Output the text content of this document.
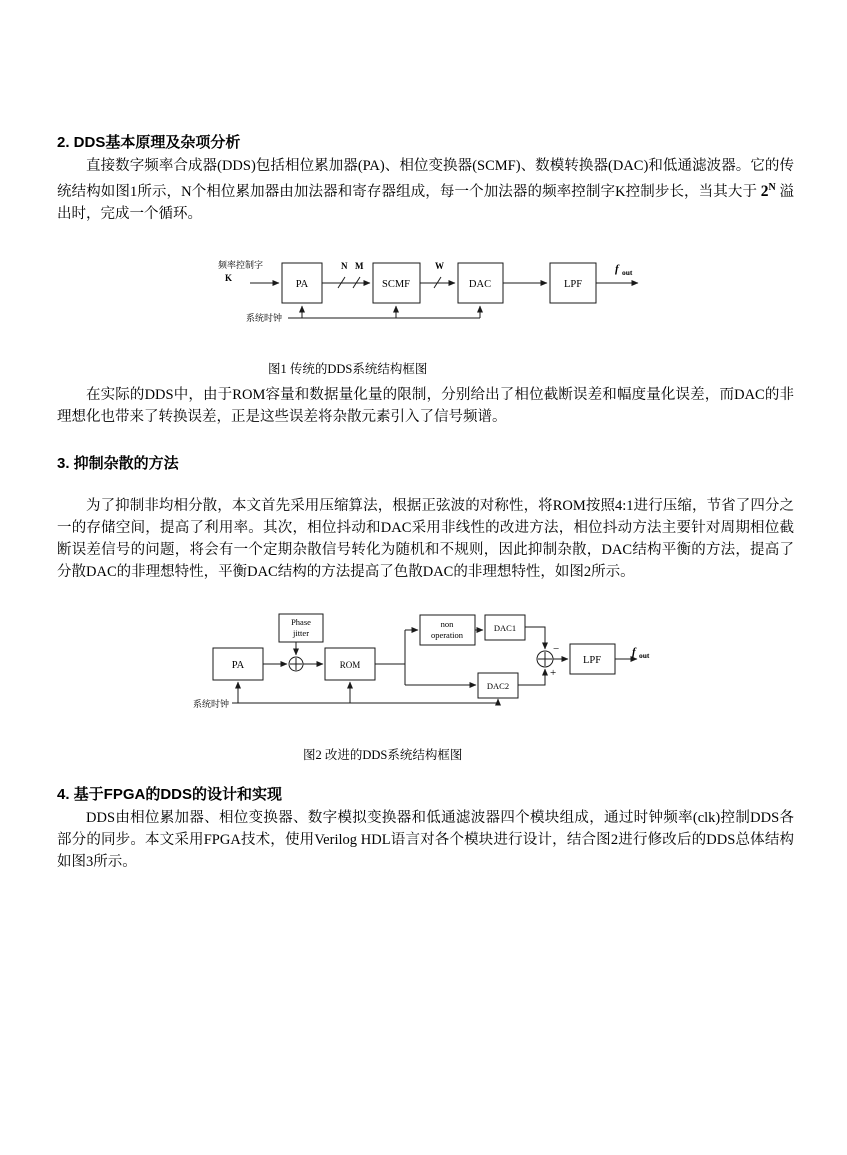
2. DDS基本原理及杂项分析

直接数字频率合成器(DDS)包括相位累加器(PA)、相位变换器(SCMF)、数模转换器(DAC)和低通滤波器。它的传统结构如图1所示，N个相位累加器由加法器和寄存器组成，每一个加法器的频率控制字K控制步长，当其大于 $2^N$ 溢出时，完成一个循环。

频率控制字
K
PA
N M
SCMF
W
DAC	LPF
f out
系统时钟
图1 传统的DDS系统结构框图

在实际的DDS中，由于ROM容量和数据量化量的限制，分别给出了相位截断误差和幅度量化误差，而DAC的非理想化也带来了转换误差，正是这些误差将杂散元素引入了信号频谱。

3. 抑制杂散的方法

为了抑制非均相分散，本文首先采用压缩算法，根据正弦波的对称性，将ROM按照4:1进行压缩，节省了四分之一的存储空间，提高了利用率。其次，相位抖动和DAC采用非线性的改进方法，相位抖动方法主要针对周期相位截断误差信号的问题，将会有一个定期杂散信号转化为随机和不规则，因此抑制杂散，DAC结构平衡的方法，提高了分散DAC的非理想特性，平衡DAC结构的方法提高了色散DAC的非理想特性，如图2所示。

Phase
jitter
PA	ROM
non
operation
DAC1
DAC2
LPF
−
+
f out
系统时钟
图2 改进的DDS系统结构框图
4. 基于FPGA的DDS的设计和实现

DDS由相位累加器、相位变换器、数字模拟变换器和低通滤波器四个模块组成，通过时钟频率(clk)控制DDS各部分的同步。本文采用FPGA技术，使用Verilog HDL语言对各个模块进行设计，结合图2进行修改后的DDS总体结构如图3所示。
